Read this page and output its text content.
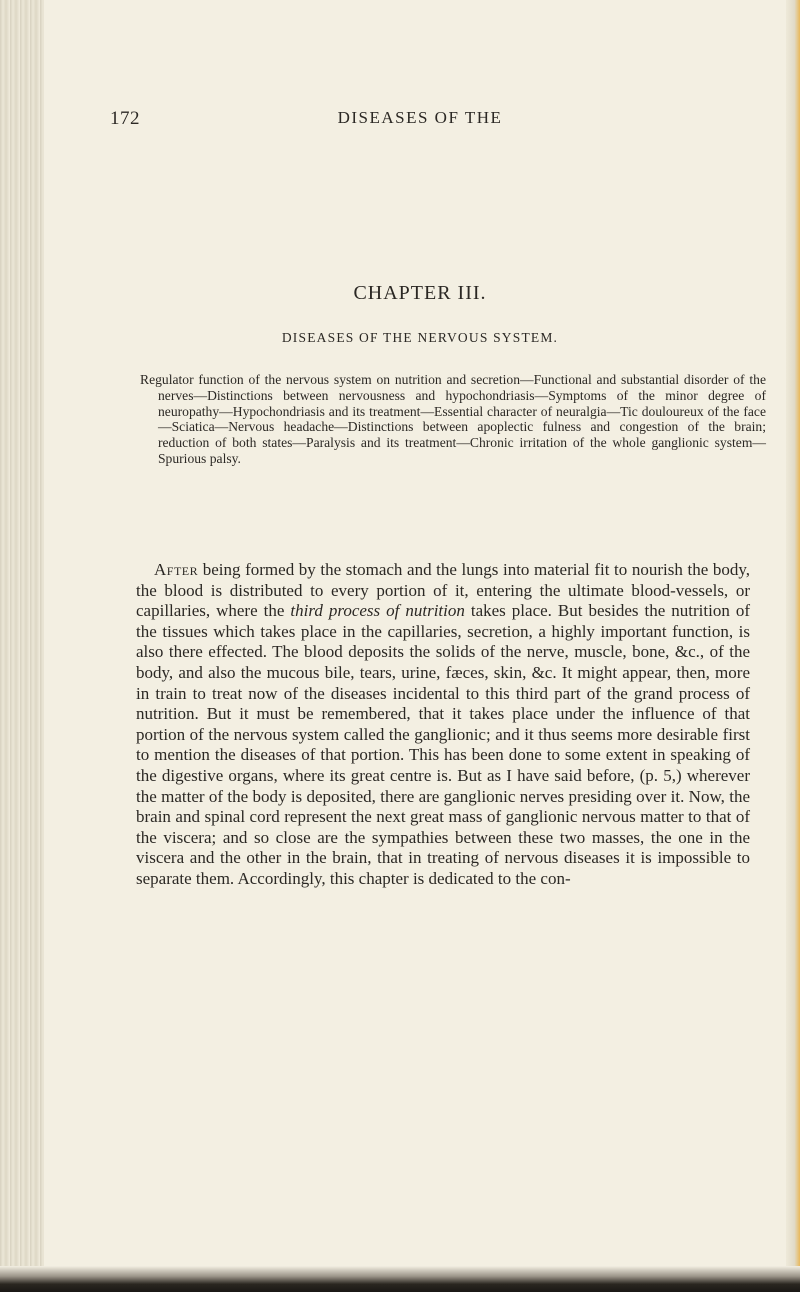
172	DISEASES OF THE
CHAPTER III.
DISEASES OF THE NERVOUS SYSTEM.
Regulator function of the nervous system on nutrition and secretion—Functional and substantial disorder of the nerves—Distinctions between nervousness and hypochondriasis—Symptoms of the minor degree of neuropathy—Hypochondriasis and its treatment—Essential character of neuralgia—Tic douloureux of the face—Sciatica—Nervous headache—Distinctions between apoplectic fulness and congestion of the brain; reduction of both states—Paralysis and its treatment—Chronic irritation of the whole ganglionic system—Spurious palsy.
After being formed by the stomach and the lungs into material fit to nourish the body, the blood is distributed to every portion of it, entering the ultimate blood-vessels, or capillaries, where the third process of nutrition takes place. But besides the nutrition of the tissues which takes place in the capillaries, secretion, a highly important function, is also there effected. The blood deposits the solids of the nerve, muscle, bone, &c., of the body, and also the mucous bile, tears, urine, fæces, skin, &c. It might appear, then, more in train to treat now of the diseases incidental to this third part of the grand process of nutrition. But it must be remembered, that it takes place under the influence of that portion of the nervous system called the ganglionic; and it thus seems more desirable first to mention the diseases of that portion. This has been done to some extent in speaking of the digestive organs, where its great centre is. But as I have said before, (p. 5,) wherever the matter of the body is deposited, there are ganglionic nerves presiding over it. Now, the brain and spinal cord represent the next great mass of ganglionic nervous matter to that of the viscera; and so close are the sympathies between these two masses, the one in the viscera and the other in the brain, that in treating of nervous diseases it is impossible to separate them. Accordingly, this chapter is dedicated to the con-
